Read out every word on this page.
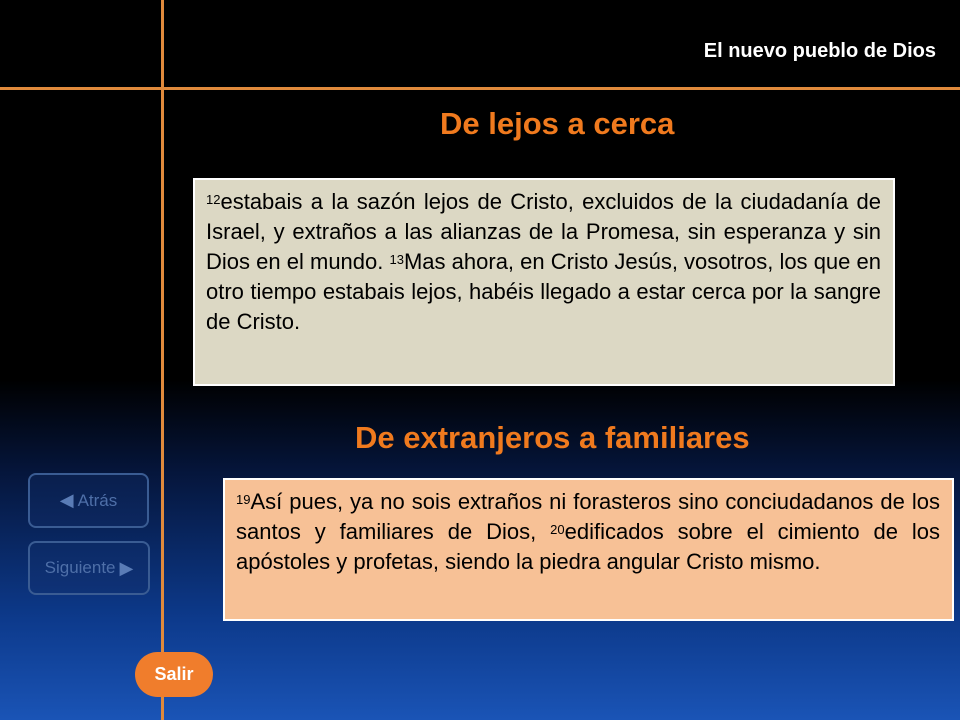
El nuevo pueblo de Dios
De lejos a cerca
$^{12}$estabais a la sazón lejos de Cristo, excluidos de la ciudadanía de Israel, y extraños a las alianzas de la Promesa, sin esperanza y sin Dios en el mundo. $^{13}$Mas ahora, en Cristo Jesús, vosotros, los que en otro tiempo estabais lejos, habéis llegado a estar cerca por la sangre de Cristo.
De extranjeros a familiares
$^{19}$Así pues, ya no sois extraños ni forasteros sino conciudadanos de los santos y familiares de Dios, $^{20}$edificados sobre el cimiento de los apóstoles y profetas, siendo la piedra angular Cristo mismo.
◀ Atrás
Siguiente ▶
Salir
